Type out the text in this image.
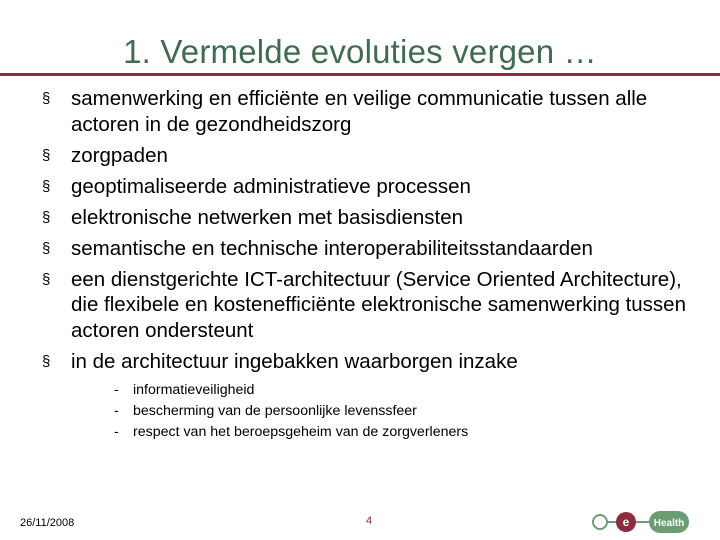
1. Vermelde evoluties vergen …
§ samenwerking en efficiënte en veilige communicatie tussen alle actoren in de gezondheidszorg
§ zorgpaden
§ geoptimaliseerde administratieve processen
§ elektronische netwerken met basisdiensten
§ semantische en technische interoperabiliteitsstandaarden
§ een dienstgerichte ICT-architectuur (Service Oriented Architecture), die flexibele en kostenefficiënte elektronische samenwerking tussen actoren ondersteunt
§ in de architectuur ingebakken waarborgen inzake
- informatieveiligheid
- bescherming van de persoonlijke levenssfeer
- respect van het beroepsgeheim van de zorgverleners
26/11/2008	4	e Health
